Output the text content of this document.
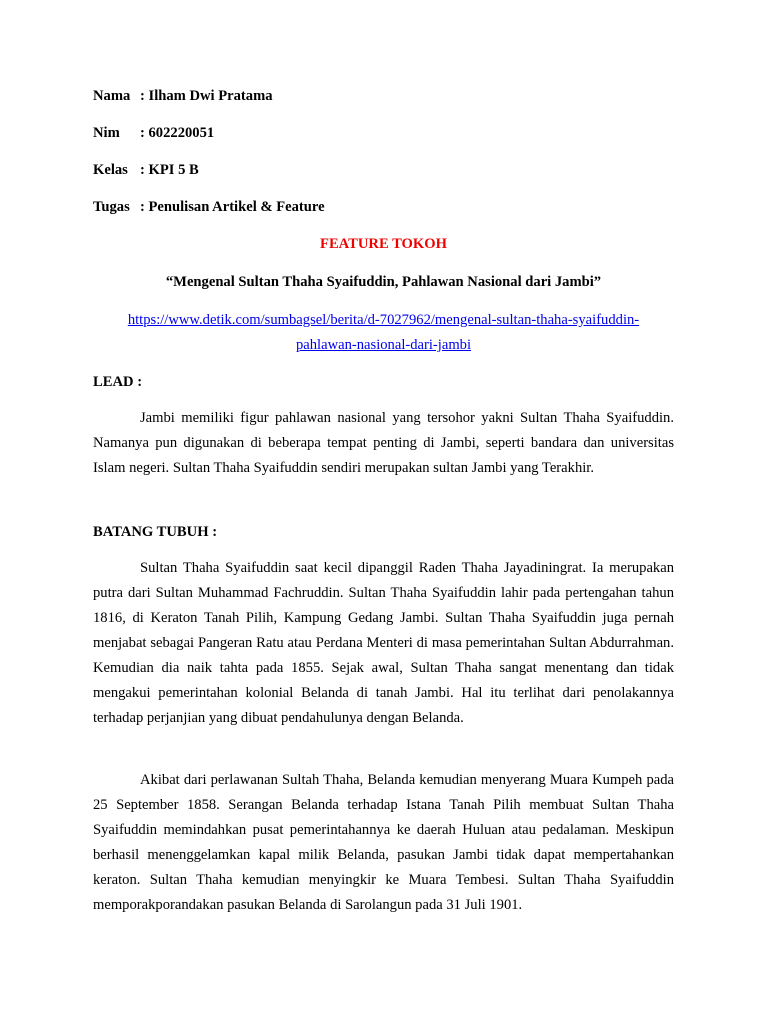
Nama : Ilham Dwi Pratama
Nim : 602220051
Kelas : KPI 5 B
Tugas : Penulisan Artikel & Feature
FEATURE TOKOH
“Mengenal Sultan Thaha Syaifuddin, Pahlawan Nasional dari Jambi”
https://www.detik.com/sumbagsel/berita/d-7027962/mengenal-sultan-thaha-syaifuddin-
pahlawan-nasional-dari-jambi
LEAD :
Jambi memiliki figur pahlawan nasional yang tersohor yakni Sultan Thaha Syaifuddin. Namanya pun digunakan di beberapa tempat penting di Jambi, seperti bandara dan universitas Islam negeri. Sultan Thaha Syaifuddin sendiri merupakan sultan Jambi yang Terakhir.
BATANG TUBUH :
Sultan Thaha Syaifuddin saat kecil dipanggil Raden Thaha Jayadiningrat. Ia merupakan putra dari Sultan Muhammad Fachruddin. Sultan Thaha Syaifuddin lahir pada pertengahan tahun 1816, di Keraton Tanah Pilih, Kampung Gedang Jambi. Sultan Thaha Syaifuddin juga pernah menjabat sebagai Pangeran Ratu atau Perdana Menteri di masa pemerintahan Sultan Abdurrahman. Kemudian dia naik tahta pada 1855. Sejak awal, Sultan Thaha sangat menentang dan tidak mengakui pemerintahan kolonial Belanda di tanah Jambi. Hal itu terlihat dari penolakannya terhadap perjanjian yang dibuat pendahulunya dengan Belanda.
Akibat dari perlawanan Sultah Thaha, Belanda kemudian menyerang Muara Kumpeh pada 25 September 1858. Serangan Belanda terhadap Istana Tanah Pilih membuat Sultan Thaha Syaifuddin memindahkan pusat pemerintahannya ke daerah Huluan atau pedalaman. Meskipun berhasil menenggelamkan kapal milik Belanda, pasukan Jambi tidak dapat mempertahankan keraton. Sultan Thaha kemudian menyingkir ke Muara Tembesi. Sultan Thaha Syaifuddin memporakporandakan pasukan Belanda di Sarolangun pada 31 Juli 1901.
